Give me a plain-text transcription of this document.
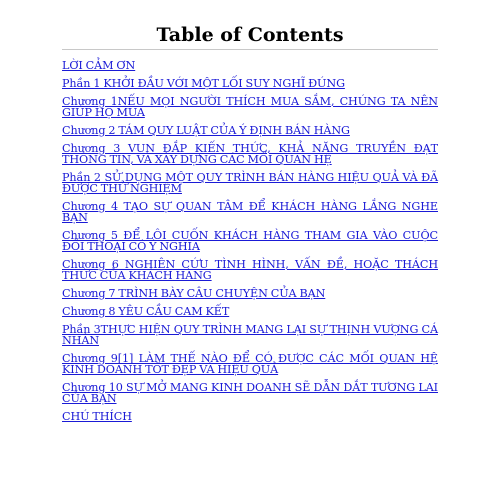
Table of Contents
LỜI CẢM ƠN
Phần 1 KHỞI ĐẦU VỚI MỘT LỐI SUY NGHĨ ĐÚNG
Chương 1NẾU MỌI NGƯỜI THÍCH MUA SẮM, CHÚNG TA NÊN GIÚP HỌ MUA
Chương 2 TÁM QUY LUẬT CỦA Ý ĐỊNH BÁN HÀNG
Chương 3 VUN ĐẮP KIẾN THỨC, KHẢ NĂNG TRUYỀN ĐẠT THÔNG TIN, VÀ XÂY DỰNG CÁC MỐI QUAN HỆ
Phần 2 SỬ DỤNG MỘT QUY TRÌNH BÁN HÀNG HIỆU QUẢ VÀ ĐÃ ĐƯỢC THỬ NGHIỆM
Chương 4 TẠO SỰ QUAN TÂM ĐỂ KHÁCH HÀNG LẮNG NGHE BẠN
Chương 5 ĐỂ LÔI CUỐN KHÁCH HÀNG THAM GIA VÀO CUỘC ĐỐI THOẠI CÓ Ý NGHĨA
Chương 6 NGHIÊN CỨU TÌNH HÌNH, VẤN ĐỀ, HOẶC THÁCH THỨC CỦA KHÁCH HÀNG
Chương 7 TRÌNH BÀY CÂU CHUYỆN CỦA BẠN
Chương 8 YÊU CẦU CAM KẾT
Phần 3THỰC HIỆN QUY TRÌNH MANG LẠI SỰ THỊNH VƯỢNG CÁ NHÂN
Chương 9[1] LÀM THẾ NÀO ĐỂ CÓ ĐƯỢC CÁC MỐI QUAN HỆ KINH DOANH TỐT ĐẸP VÀ HIỆU QUẢ
Chương 10 SỰ MỞ MANG KINH DOANH SẼ DẪN DẮT TƯƠNG LAI CỦA BẠN
CHÚ THÍCH
